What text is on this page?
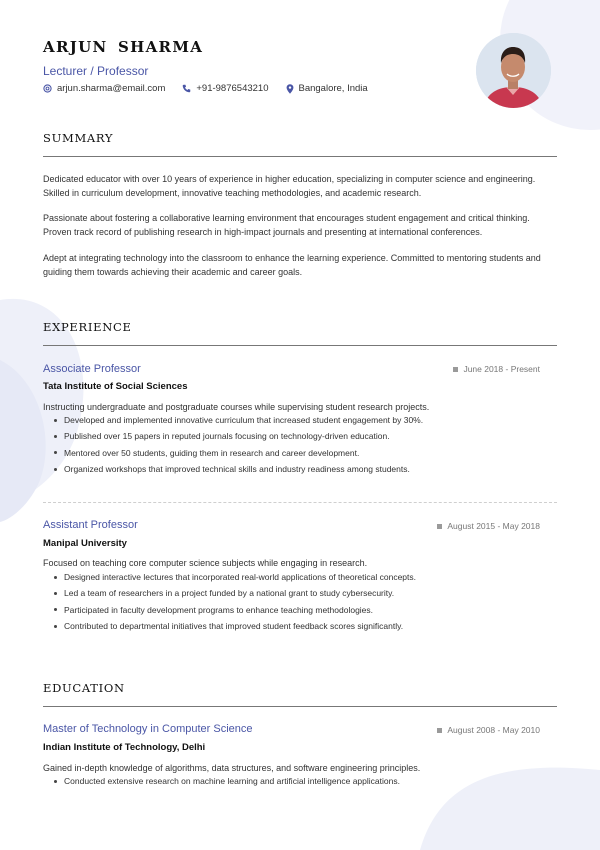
ARJUN SHARMA
Lecturer / Professor
arjun.sharma@email.com	+91-9876543210	Bangalore, India
SUMMARY

Dedicated educator with over 10 years of experience in higher education, specializing in computer science and engineering. Skilled in curriculum development, innovative teaching methodologies, and academic research.

Passionate about fostering a collaborative learning environment that encourages student engagement and critical thinking. Proven track record of publishing research in high-impact journals and presenting at international conferences.

Adept at integrating technology into the classroom to enhance the learning experience. Committed to mentoring students and guiding them towards achieving their academic and career goals.

EXPERIENCE
Associate Professor	June 2018 - Present
Tata Institute of Social Sciences
Instructing undergraduate and postgraduate courses while supervising student research projects.
Developed and implemented innovative curriculum that increased student engagement by 30%.
Published over 15 papers in reputed journals focusing on technology-driven education.
Mentored over 50 students, guiding them in research and career development.
Organized workshops that improved technical skills and industry readiness among students.
Assistant Professor	August 2015 - May 2018
Manipal University
Focused on teaching core computer science subjects while engaging in research.
Designed interactive lectures that incorporated real-world applications of theoretical concepts.
Led a team of researchers in a project funded by a national grant to study cybersecurity.
Participated in faculty development programs to enhance teaching methodologies.
Contributed to departmental initiatives that improved student feedback scores significantly.
EDUCATION
Master of Technology in Computer Science	August 2008 - May 2010
Indian Institute of Technology, Delhi
Gained in-depth knowledge of algorithms, data structures, and software engineering principles.
Conducted extensive research on machine learning and artificial intelligence applications.
